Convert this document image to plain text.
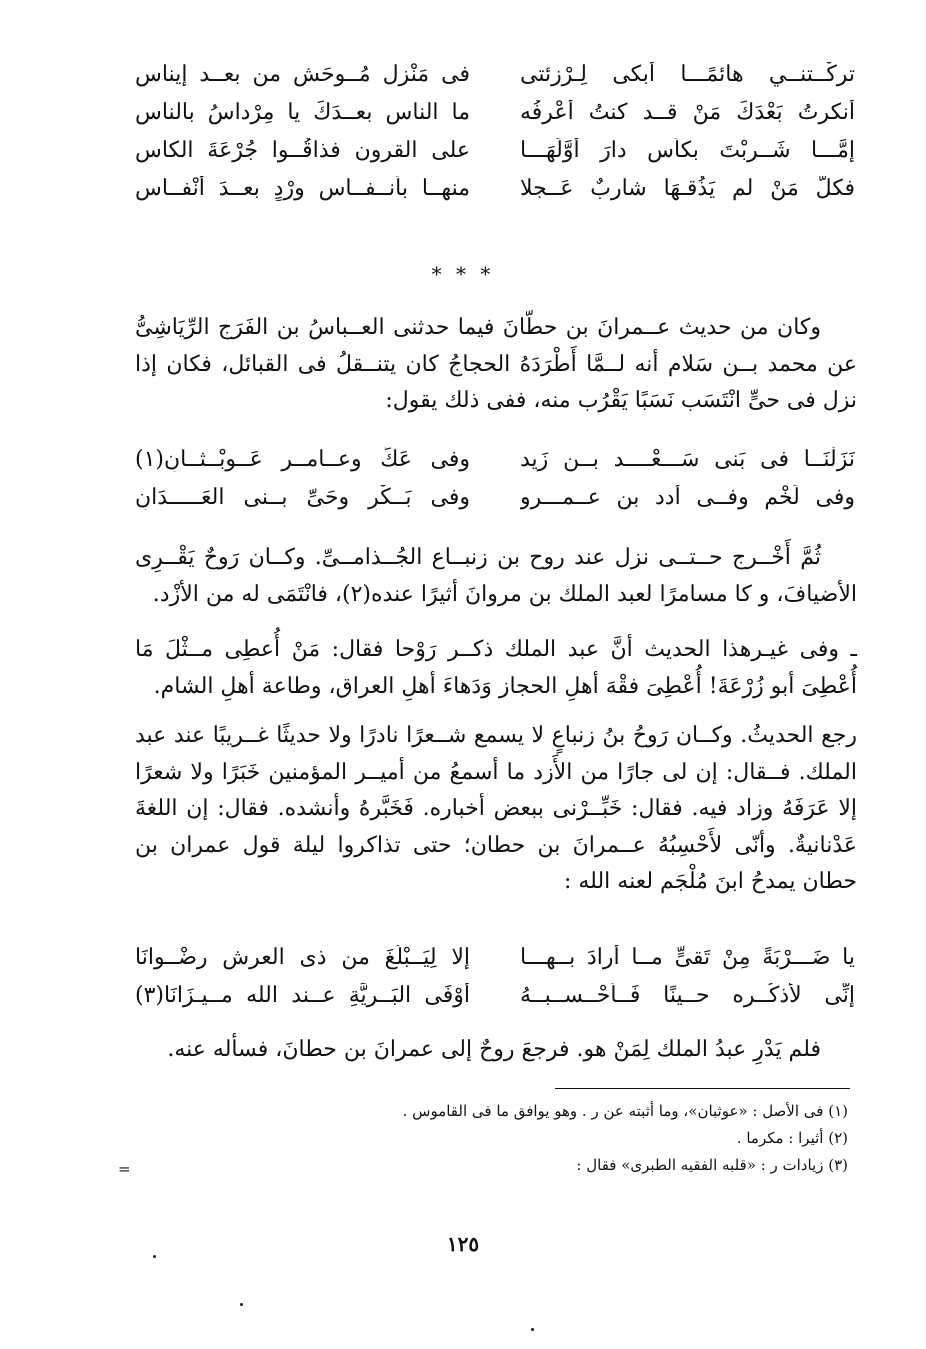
تركْــتنــي هائمًـــا أبكى لِـرْزئتى
فى مَنْزِل مُــوحَش من بعــد إيناس
أَنكرتُ بَعْدَكَ مَنْ قــد كنتُ أَعْرِفُه
ما الناس بعــدَكَ يا مِرْداسُ بالناسِ
إِمَّـــا شَــرِبْتَ بكأْسٍ دارَ أَوَّلُهَـــا
على القرون فذاقُــوا جُرْعَةَ الكاسِ
فكلُّ مَنْ لم يَذُقـهَا شاربٌ عَــجلا
منهــا بأَنــفــاسٍ وِرْدٍ بعــدَ أَنْفــاسِ
* * *

وكان من حديث عــمرانَ بن حطّانَ فيما حدثنى العــباسُ بن الفَرَج الرِّيَاشِىُّ عن محمد بــن سَلام أنه لــمَّا أَطْرَدَهُ الحجاجُ كان يتنــقلُ فى القبائل، فكان إذا نزل فى حىٍّ انْتَسَب نَسَبًا يَقْرُب منه، ففى ذلك يقول:

نَزَلْنَــا فى بَنى سَـــعْــــد بــن زَيد
وفى عَكٍّ وعــامــرِ عَــوبْــثــانِ(١)
وفى لَخْمٍ وفــى أدد بن عــمـــروٍ
وفى بَــكْرٍ وحَىِّ بــنى العَـــــدَانِ

ثُمَّ أَخْــرج حــتــى نزل عند روح بن زنبــاع الجُــذامــىِّ. وكــان رَوحٌ يَقْــرِى الأضيافَ، و كا مسامرًا لعبد الملك بن مروانَ أثيرًا عنده(٢)، فانْتَمَى له من الأزْد.

ـ وفى غيـرهذا الحديث أنَّ عبد الملك ذكــر رَوْحا فقال: مَنْ أُعطِى مــثْلَ مَا أُعْطِىَ أبو زُرْعَةَ! أُعْطِىَ فقْهَ أهلِ الحجاز وَدَهاءَ أهلِ العراق، وطاعة أهلِ الشام.

رجع الحديثُ. وكــان رَوحُ بنُ زنباعٍ لا يسمع شــعرًا نادرًا ولا حديثًا غــريبًا عند عبد الملك. فــقال: إن لى جارًا من الأَزد ما أسمعُ من أميــر المؤمنين خَبَرًا ولا شعرًا إلا عَرَفَهُ وزاد فيه. فقال: خَبِّــرْنى ببعض أخباره. فَخَبَّرهُ وأنشده. فقال: إن اللغةَ عَدْنانيةٌ. وأنّى لأَحْسِبُهُ عــمرانَ بن حطان؛ حتى تذاكروا ليلة قول عمران بن حطان يمدحُ ابنَ مُلْجَم لعنه الله :

يا ضَـــرْبَةً مِنْ تَقىٍّ مــا أرادَ بــهـــا
إلا لِيَــبْلُغَ من ذى العرش رِضْــوانَا
إِنِّى لأَذكُــره حــينًا فَــأَحْــســبــهُ
أَوْفَى البَــرِيَّةِ عــند الله مــيـزَانَا(٣)

فلم يَدْرِ عبدُ الملك لِمَنْ هو. فرجعَ روحٌ إلى عمرانَ بن حطانَ، فسأله عنه.

(١) فى الأصل : «عوثبان»، وما أثبته عن ر . وهو يوافق ما فى القاموس .
(٢) أثيرا : مكرما .
(٣) زيادات ر : «قلبه الفقيه الطبرى» فقال :
=
١٢٥
